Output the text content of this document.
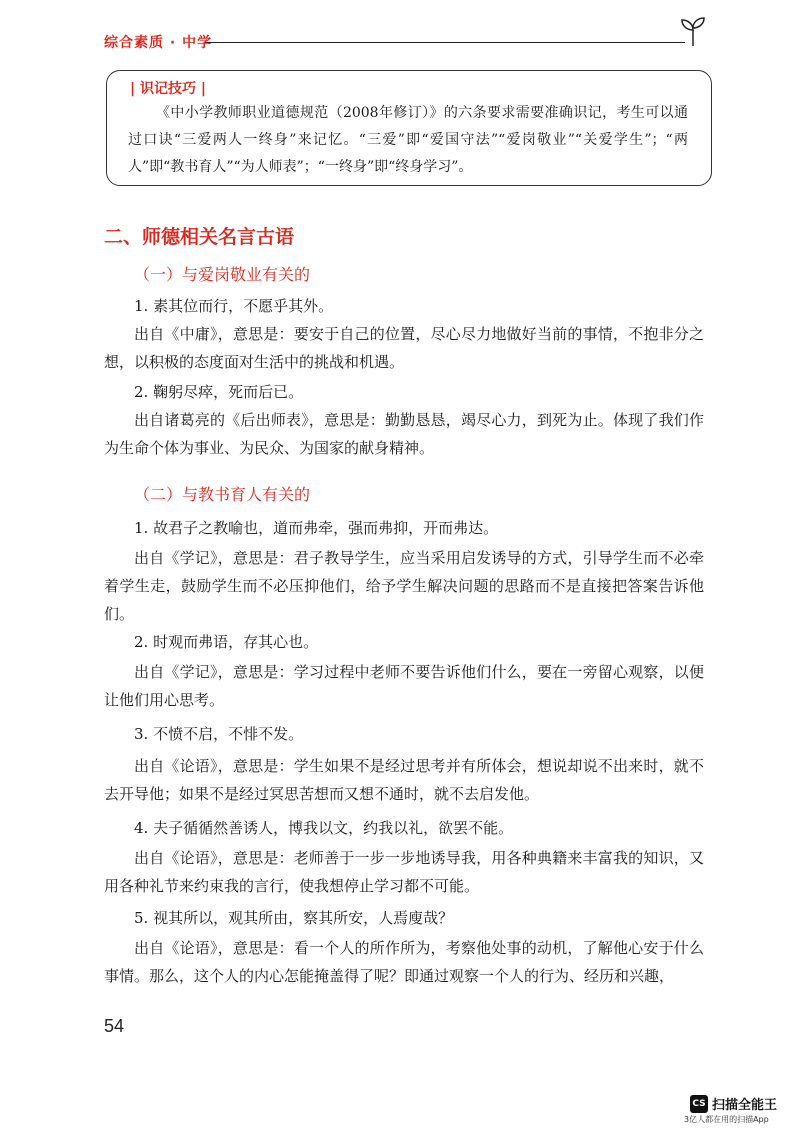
综合素质 · 中学
| 识记技巧 |
《中小学教师职业道德规范（2008年修订）》的六条要求需要准确识记，考生可以通过口诀“三爱两人一终身”来记忆。“三爱”即“爱国守法”“爱岗敬业”“关爱学生”；“两人”即“教书育人”“为人师表”；“一终身”即“终身学习”。
二、师德相关名言古语
（一）与爱岗敬业有关的
1. 素其位而行，不愿乎其外。
出自《中庸》，意思是：要安于自己的位置，尽心尽力地做好当前的事情，不抱非分之想，以积极的态度面对生活中的挑战和机遇。
2. 鞠躬尽瘁，死而后已。
出自诸葛亮的《后出师表》，意思是：勤勤恳恳，竭尽心力，到死为止。体现了我们作为生命个体为事业、为民众、为国家的献身精神。
（二）与教书育人有关的
1. 故君子之教喻也，道而弗牵，强而弗抑，开而弗达。
出自《学记》，意思是：君子教导学生，应当采用启发诱导的方式，引导学生而不必牵着学生走，鼓励学生而不必压抑他们，给予学生解决问题的思路而不是直接把答案告诉他们。
2. 时观而弗语，存其心也。
出自《学记》，意思是：学习过程中老师不要告诉他们什么，要在一旁留心观察，以便让他们用心思考。
3. 不愤不启，不悱不发。
出自《论语》，意思是：学生如果不是经过思考并有所体会，想说却说不出来时，就不去开导他；如果不是经过冥思苦想而又想不通时，就不去启发他。
4. 夫子循循然善诱人，博我以文，约我以礼，欲罢不能。
出自《论语》，意思是：老师善于一步一步地诱导我，用各种典籍来丰富我的知识，又用各种礼节来约束我的言行，使我想停止学习都不可能。
5. 视其所以，观其所由，察其所安，人焉廋哉？
出自《论语》，意思是：看一个人的所作所为，考察他处事的动机，了解他心安于什么事情。那么，这个人的内心怎能掩盖得了呢？即通过观察一个人的行为、经历和兴趣，
54
CS 扫描全能王
3亿人都在用的扫描App
